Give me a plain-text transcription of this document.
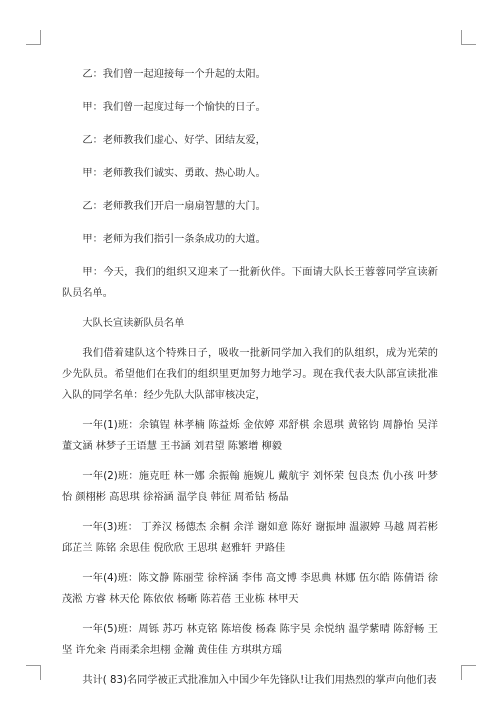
乙：我们曾一起迎接每一个升起的太阳。

甲：我们曾一起度过每一个愉快的日子。

乙：老师教我们虚心、好学、团结友爱，

甲：老师教我们诚实、勇敢、热心助人。

乙：老师教我们开启一扇扇智慧的大门。

甲：老师为我们指引一条条成功的大道。

甲：今天，我们的组织又迎来了一批新伙伴。下面请大队长王蓉蓉同学宣读新队员名单。

大队长宣读新队员名单

我们借着建队这个特殊日子，吸收一批新同学加入我们的队组织，成为光荣的少先队员。希望他们在我们的组织里更加努力地学习。现在我代表大队部宣读批准入队的同学名单：经少先队大队部审核决定，

一年(1)班：余镇锃 林孝楠 陈益烁 金依婷 邓舒棋 余恩琪 黄铭钧 周静怡 吴洋 董文涵 林梦子王语慧 王书涵 刘君望 陈繁增 柳毅

一年(2)班：施克旺 林一娜 余振翰 施婉儿 戴航宇 刘怀荣 包良杰 仇小孩 叶梦怡 颜栩彬 高思琪 徐裕涵 温学良 韩征 周希钻 杨晶

一年(3)班： 丁养汉 杨德杰 余桐 余洋 谢如意 陈好 谢振坤 温淑婷 马越 周若彬 邱芷兰 陈铭 余思佳 倪欣欣 王思琪 赵雅轩 尹路佳

一年(4)班：陈文静 陈丽莹 徐梓涵 李伟 高文博 李思典 林娜 伍尔皓 陈倩语 徐茂淞 方睿 林天伦 陈依依 杨晰 陈若蓓 王业栋 林甲天

一年(5)班：周铄 苏巧 林克铭 陈培俊 杨森 陈宇昊 余悦纳 温学紫晴 陈舒畅 王坚 许允籴 肖雨柔余坦栩 金瀚 黄佳佳 方琪琪方瑶

共计( 83)名同学被正式批准加入中国少年先锋队!让我们用热烈的掌声向他们表
